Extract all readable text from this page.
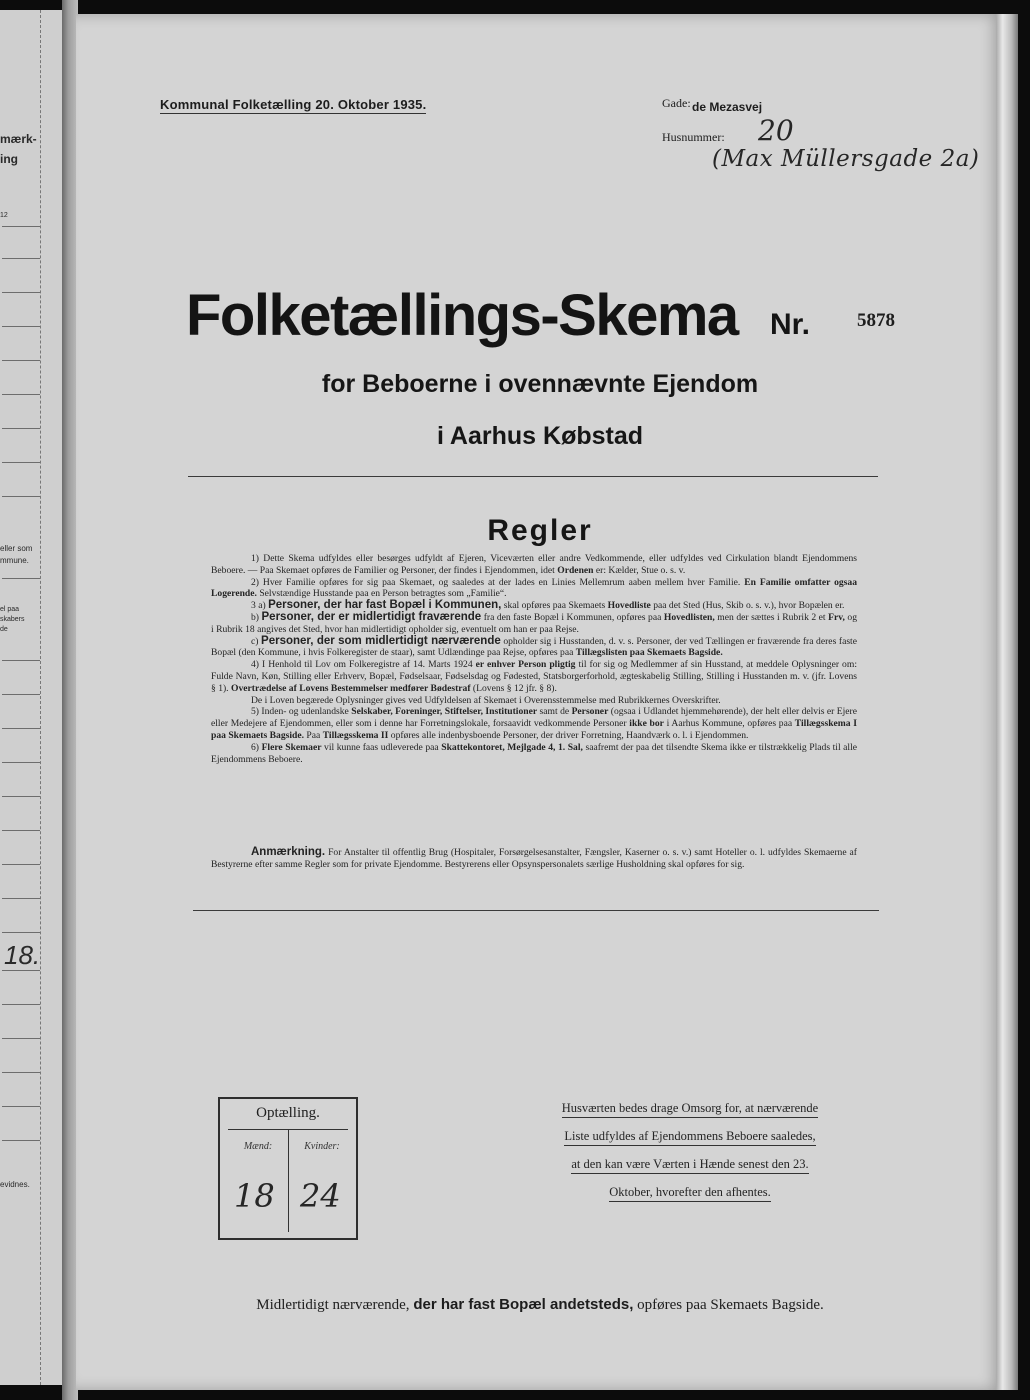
mærk-
ing
12
eller som
mmune.
el paa
skabers
de
18.
evidnes.
Kommunal Folketælling 20. Oktober 1935.	Gade: de Mezasvej
Husnummer: 20
(Max Müllersgade 2a)
Folketællings-Skema Nr. 5878
for Beboerne i ovennævnte Ejendom
i Aarhus Købstad
Regler

1) Dette Skema udfyldes eller besørges udfyldt af Ejeren, Viceværten eller andre Vedkommende, eller udfyldes ved Cirkulation blandt Ejendommens Beboere. — Paa Skemaet opføres de Familier og Personer, der findes i Ejendommen, idet Ordenen er: Kælder, Stue o. s. v.

2) Hver Familie opføres for sig paa Skemaet, og saaledes at der lades en Linies Mellemrum aaben mellem hver Familie. En Familie omfatter ogsaa Logerende. Selvstændige Husstande paa en Person betragtes som „Familie“.

3 a) Personer, der har fast Bopæl i Kommunen, skal opføres paa Skemaets Hovedliste paa det Sted (Hus, Skib o. s. v.), hvor Bopælen er.

b) Personer, der er midlertidigt fraværende fra den faste Bopæl i Kommunen, opføres paa Hovedlisten, men der sættes i Rubrik 2 et Frv, og i Rubrik 18 angives det Sted, hvor han midlertidigt opholder sig, eventuelt om han er paa Rejse.

c) Personer, der som midlertidigt nærværende opholder sig i Husstanden, d. v. s. Personer, der ved Tællingen er fraværende fra deres faste Bopæl (den Kommune, i hvis Folkeregister de staar), samt Udlændinge paa Rejse, opføres paa Tillægslisten paa Skemaets Bagside.

4) I Henhold til Lov om Folkeregistre af 14. Marts 1924 er enhver Person pligtig til for sig og Medlemmer af sin Husstand, at meddele Oplysninger om: Fulde Navn, Køn, Stilling eller Erhverv, Bopæl, Fødselsaar, Fødselsdag og Fødested, Statsborgerforhold, ægteskabelig Stilling, Stilling i Husstanden m. v. (jfr. Lovens § 1). Overtrædelse af Lovens Bestemmelser medfører Bødestraf (Lovens § 12 jfr. § 8).

De i Loven begærede Oplysninger gives ved Udfyldelsen af Skemaet i Overensstemmelse med Rubrikkernes Overskrifter.

5) Inden- og udenlandske Selskaber, Foreninger, Stiftelser, Institutioner samt de Personer (ogsaa i Udlandet hjemmehørende), der helt eller delvis er Ejere eller Medejere af Ejendommen, eller som i denne har Forretningslokale, forsaavidt vedkommende Personer ikke bor i Aarhus Kommune, opføres paa Tillægsskema I paa Skemaets Bagside. Paa Tillægsskema II opføres alle indenbysboende Personer, der driver Forretning, Haandværk o. l. i Ejendommen.

6) Flere Skemaer vil kunne faas udleverede paa Skattekontoret, Mejlgade 4, 1. Sal, saafremt der paa det tilsendte Skema ikke er tilstrækkelig Plads til alle Ejendommens Beboere.

Anmærkning. For Anstalter til offentlig Brug (Hospitaler, Forsørgelsesanstalter, Fængsler, Kaserner o. s. v.) samt Hoteller o. l. udfyldes Skemaerne af Bestyrerne efter samme Regler som for private Ejendomme. Bestyrerens eller Opsynspersonalets særlige Husholdning skal opføres for sig.

Optælling.
Mænd:	Kvinder:
18 24
Husværten bedes drage Omsorg for, at nærværende
Liste udfyldes af Ejendommens Beboere saaledes,
at den kan være Værten i Hænde senest den 23.
Oktober, hvorefter den afhentes.
Midlertidigt nærværende, der har fast Bopæl andetsteds, opføres paa Skemaets Bagside.
